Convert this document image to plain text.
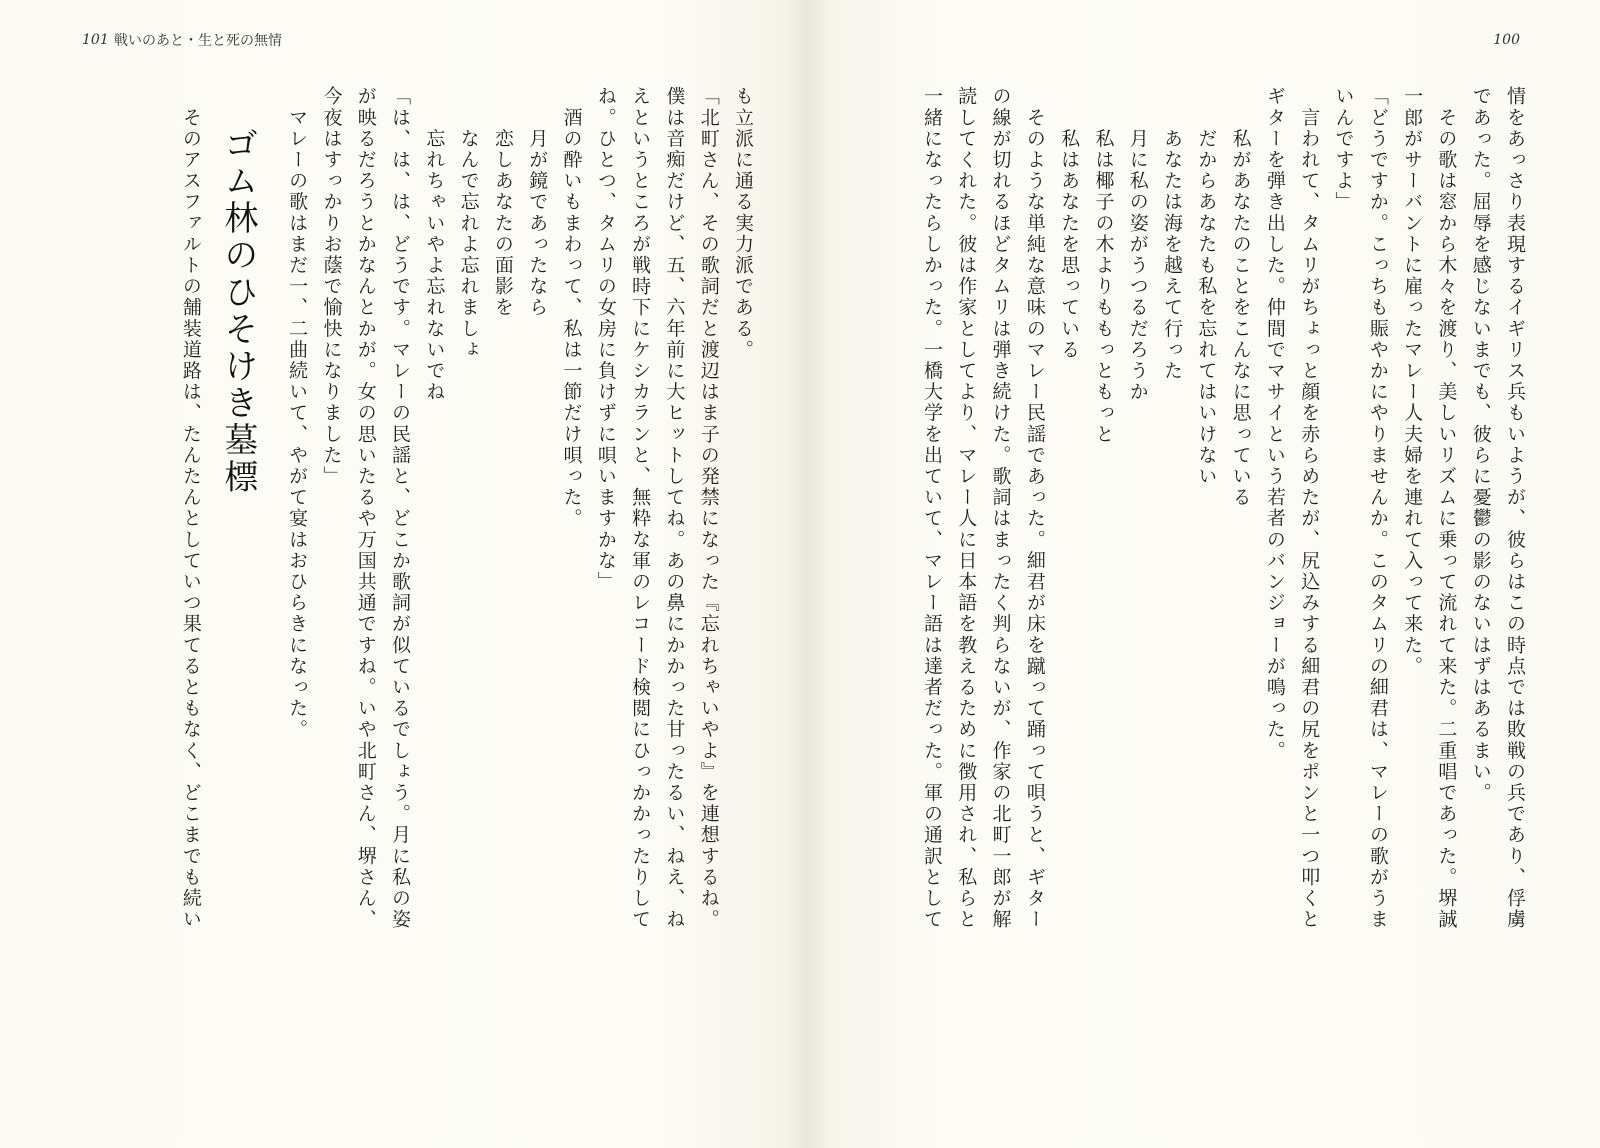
101 戦いのあと・生と死の無情

も立派に通る実力派である。

「北町さん、その歌詞だと渡辺はま子の発禁になった『忘れちゃいやよ』を連想するね。

僕は音痴だけど、五、六年前に大ヒットしてね。あの鼻にかかった甘ったるい、ねえ、ね

えというところが戦時下にケシカランと、無粋な軍のレコード検閲にひっかかったりして

ね。ひとつ、タムリの女房に負けずに唄いますかな」

　酒の酔いもまわって、私は一節だけ唄った。

　　月が鏡であったなら

　　恋しあなたの面影を

　　なんで忘れよ忘れましょ

　　忘れちゃいやよ忘れないでね

「は、は、は、どうです。マレーの民謡と、どこか歌詞が似ているでしょう。月に私の姿

が映るだろうとかなんとかが。女の思いたるや万国共通ですね。いや北町さん、堺さん、

今夜はすっかりお蔭で愉快になりました」

　マレーの歌はまだ一、二曲続いて、やがて宴はおひらきになった。

ゴム林のひそけき墓標

　そのアスファルトの舗装道路は、たんたんとしていつ果てるともなく、どこまでも続い

100

情をあっさり表現するイギリス兵もいようが、彼らはこの時点では敗戦の兵であり、俘虜

であった。屈辱を感じないまでも、彼らに憂鬱の影のないはずはあるまい。

　その歌は窓から木々を渡り、美しいリズムに乗って流れて来た。二重唱であった。堺誠

一郎がサーバントに雇ったマレー人夫婦を連れて入って来た。

「どうですか。こっちも賑やかにやりませんか。このタムリの細君は、マレーの歌がうま

いんですよ」

　言われて、タムリがちょっと顔を赤らめたが、尻込みする細君の尻をポンと一つ叩くと

ギターを弾き出した。仲間でマサイという若者のバンジョーが鳴った。

　　私があなたのことをこんなに思っている

　　だからあなたも私を忘れてはいけない

　　あなたは海を越えて行った

　　月に私の姿がうつるだろうか

　　私は椰子の木よりももっともっと

　　私はあなたを思っている

　そのような単純な意味のマレー民謡であった。細君が床を蹴って踊って唄うと、ギター

の線が切れるほどタムリは弾き続けた。歌詞はまったく判らないが、作家の北町一郎が解

読してくれた。彼は作家としてより、マレー人に日本語を教えるために徴用され、私らと

一緒になったらしかった。一橋大学を出ていて、マレー語は達者だった。軍の通訳として
